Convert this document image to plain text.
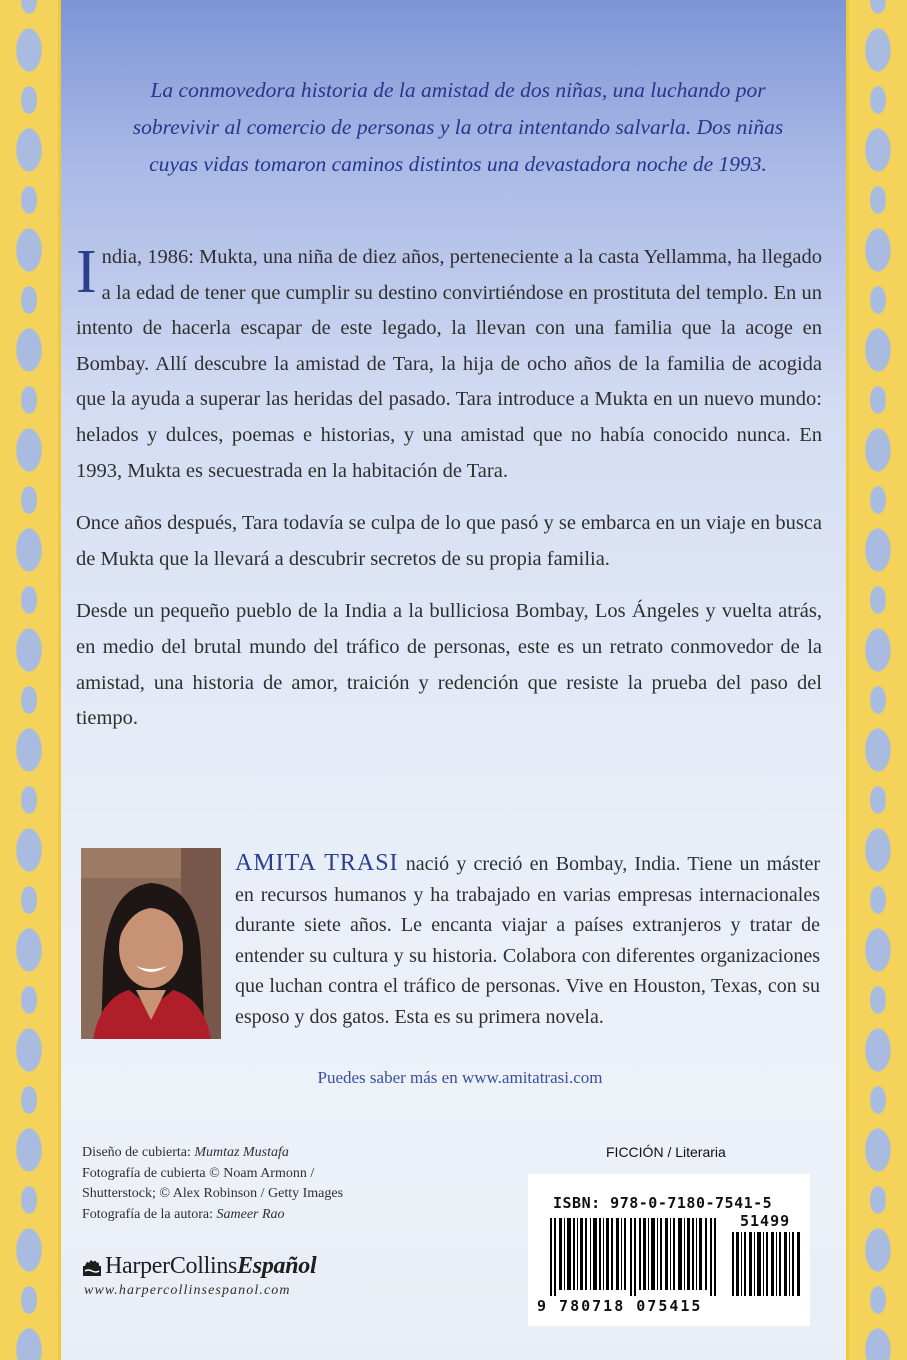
La conmovedora historia de la amistad de dos niñas, una luchando por sobrevivir al comercio de personas y la otra intentando salvarla. Dos niñas cuyas vidas tomaron caminos distintos una devastadora noche de 1993.

India, 1986: Mukta, una niña de diez años, perteneciente a la casta Yellamma, ha llegado a la edad de tener que cumplir su destino convirtiéndose en prostituta del templo. En un intento de hacerla escapar de este legado, la llevan con una familia que la acoge en Bombay. Allí descubre la amistad de Tara, la hija de ocho años de la familia de acogida que la ayuda a superar las heridas del pasado. Tara introduce a Mukta en un nuevo mundo: helados y dulces, poemas e historias, y una amistad que no había conocido nunca. En 1993, Mukta es secuestrada en la habitación de Tara.

Once años después, Tara todavía se culpa de lo que pasó y se embarca en un viaje en busca de Mukta que la llevará a descubrir secretos de su propia familia.

Desde un pequeño pueblo de la India a la bulliciosa Bombay, Los Ángeles y vuelta atrás, en medio del brutal mundo del tráfico de personas, este es un retrato conmovedor de la amistad, una historia de amor, traición y redención que resiste la prueba del paso del tiempo.

AMITA TRASI nació y creció en Bombay, India. Tiene un máster en recursos humanos y ha trabajado en varias empresas internacionales durante siete años. Le encanta viajar a países extranjeros y tratar de entender su cultura y su historia. Colabora con diferentes organizaciones que luchan contra el tráfico de personas. Vive en Houston, Texas, con su esposo y dos gatos. Esta es su primera novela.
Puedes saber más en www.amitatrasi.com
Diseño de cubierta: Mumtaz Mustafa
Fotografía de cubierta © Noam Armonn /
Shutterstock; © Alex Robinson / Getty Images
Fotografía de la autora: Sameer Rao
HarperCollinsEspañol
www.harpercollinsespanol.com
FICCIÓN / Literaria
ISBN: 978-0-7180-7541-5
51499
9 780718 075415
